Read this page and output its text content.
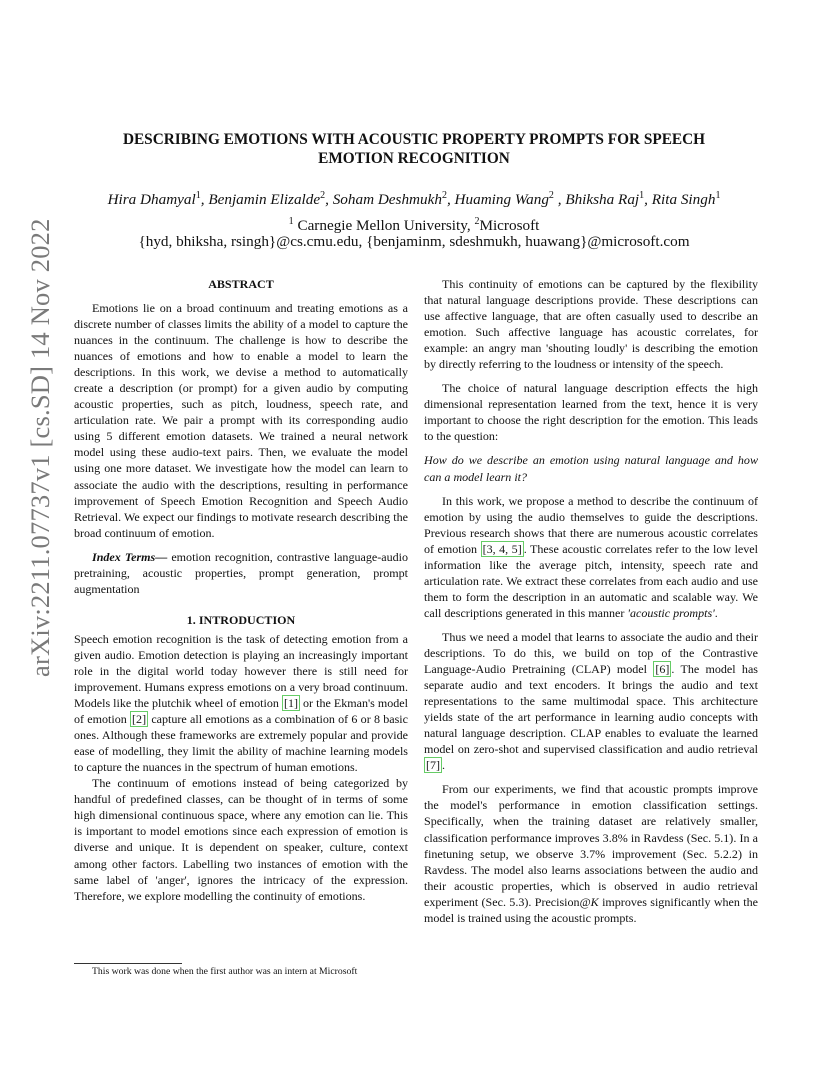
arXiv:2211.07737v1 [cs.SD] 14 Nov 2022
DESCRIBING EMOTIONS WITH ACOUSTIC PROPERTY PROMPTS FOR SPEECH EMOTION RECOGNITION
Hira Dhamyal$^1$, Benjamin Elizalde$^2$, Soham Deshmukh$^2$, Huaming Wang$^2$ , Bhiksha Raj$^1$, Rita Singh$^1$
$^1$ Carnegie Mellon University, $^2$Microsoft
{hyd, bhiksha, rsingh}@cs.cmu.edu, {benjaminm, sdeshmukh, huawang}@microsoft.com
ABSTRACT

Emotions lie on a broad continuum and treating emotions as a discrete number of classes limits the ability of a model to capture the nuances in the continuum. The challenge is how to describe the nuances of emotions and how to enable a model to learn the descriptions. In this work, we devise a method to automatically create a description (or prompt) for a given audio by computing acoustic properties, such as pitch, loudness, speech rate, and articulation rate. We pair a prompt with its corresponding audio using 5 different emotion datasets. We trained a neural network model using these audio-text pairs. Then, we evaluate the model using one more dataset. We investigate how the model can learn to associate the audio with the descriptions, resulting in performance improvement of Speech Emotion Recognition and Speech Audio Retrieval. We expect our findings to motivate research describing the broad continuum of emotion.

Index Terms— emotion recognition, contrastive language-audio pretraining, acoustic properties, prompt generation, prompt augmentation

1. INTRODUCTION

Speech emotion recognition is the task of detecting emotion from a given audio. Emotion detection is playing an increasingly important role in the digital world today however there is still need for improvement. Humans express emotions on a very broad continuum. Models like the plutchik wheel of emotion [1] or the Ekman's model of emotion [2] capture all emotions as a combination of 6 or 8 basic ones. Although these frameworks are extremely popular and provide ease of modelling, they limit the ability of machine learning models to capture the nuances in the spectrum of human emotions.

The continuum of emotions instead of being categorized by handful of predefined classes, can be thought of in terms of some high dimensional continuous space, where any emotion can lie. This is important to model emotions since each expression of emotion is diverse and unique. It is dependent on speaker, culture, context among other factors. Labelling two instances of emotion with the same label of 'anger', ignores the intricacy of the expression. Therefore, we explore modelling the continuity of emotions.

This continuity of emotions can be captured by the flexibility that natural language descriptions provide. These descriptions can use affective language, that are often casually used to describe an emotion. Such affective language has acoustic correlates, for example: an angry man 'shouting loudly' is describing the emotion by directly referring to the loudness or intensity of the speech.

The choice of natural language description effects the high dimensional representation learned from the text, hence it is very important to choose the right description for the emotion. This leads to the question:

How do we describe an emotion using natural language and how can a model learn it?

In this work, we propose a method to describe the continuum of emotion by using the audio themselves to guide the descriptions. Previous research shows that there are numerous acoustic correlates of emotion [3, 4, 5] . These acoustic correlates refer to the low level information like the average pitch, intensity, speech rate and articulation rate. We extract these correlates from each audio and use them to form the description in an automatic and scalable way. We call descriptions generated in this manner 'acoustic prompts'.

Thus we need a model that learns to associate the audio and their descriptions. To do this, we build on top of the Contrastive Language-Audio Pretraining (CLAP) model [6] . The model has separate audio and text encoders. It brings the audio and text representations to the same multimodal space. This architecture yields state of the art performance in learning audio concepts with natural language description. CLAP enables to evaluate the learned model on zero-shot and supervised classification and audio retrieval [7] .

From our experiments, we find that acoustic prompts improve the model's performance in emotion classification settings. Specifically, when the training dataset are relatively smaller, classification performance improves 3.8% in Ravdess (Sec. 5.1). In a finetuning setup, we observe 3.7% improvement (Sec. 5.2.2) in Ravdess. The model also learns associations between the audio and their acoustic properties, which is observed in audio retrieval experiment (Sec. 5.3). Precision@K improves significantly when the model is trained using the acoustic prompts.

This work was done when the first author was an intern at Microsoft
